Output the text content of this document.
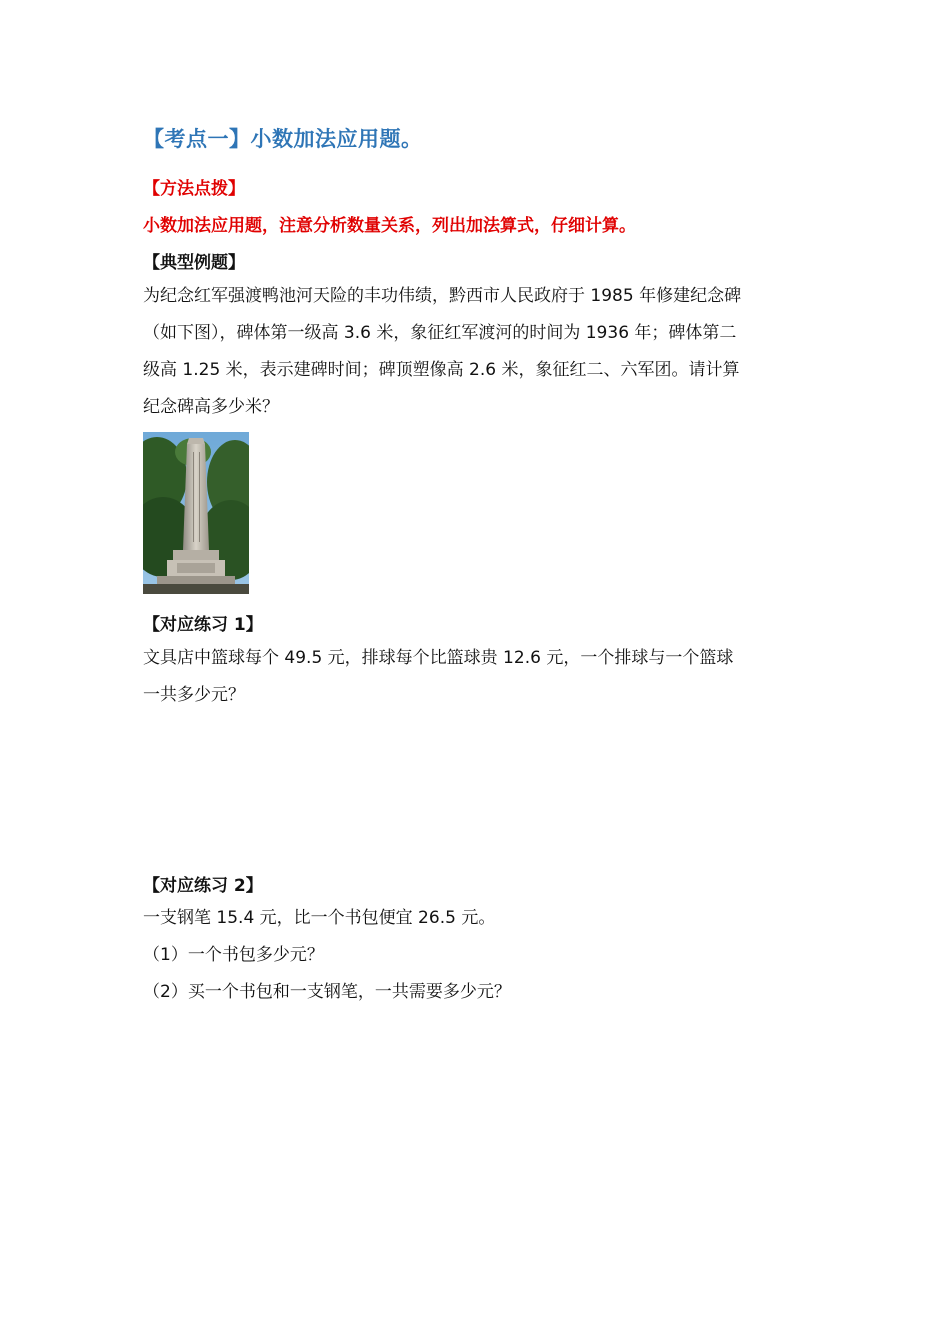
【考点一】小数加法应用题。
【方法点拨】
小数加法应用题，注意分析数量关系，列出加法算式，仔细计算。
【典型例题】
为纪念红军强渡鸭池河天险的丰功伟绩，黔西市人民政府于 1985 年修建纪念碑
（如下图），碑体第一级高 3.6 米，象征红军渡河的时间为 1936 年；碑体第二
级高 1.25 米，表示建碑时间；碑顶塑像高 2.6 米，象征红二、六军团。请计算
纪念碑高多少米？
【对应练习 1】
文具店中篮球每个 49.5 元，排球每个比篮球贵 12.6 元，一个排球与一个篮球
一共多少元？
【对应练习 2】
一支钢笔 15.4 元，比一个书包便宜 26.5 元。
（1）一个书包多少元？
（2）买一个书包和一支钢笔，一共需要多少元？
